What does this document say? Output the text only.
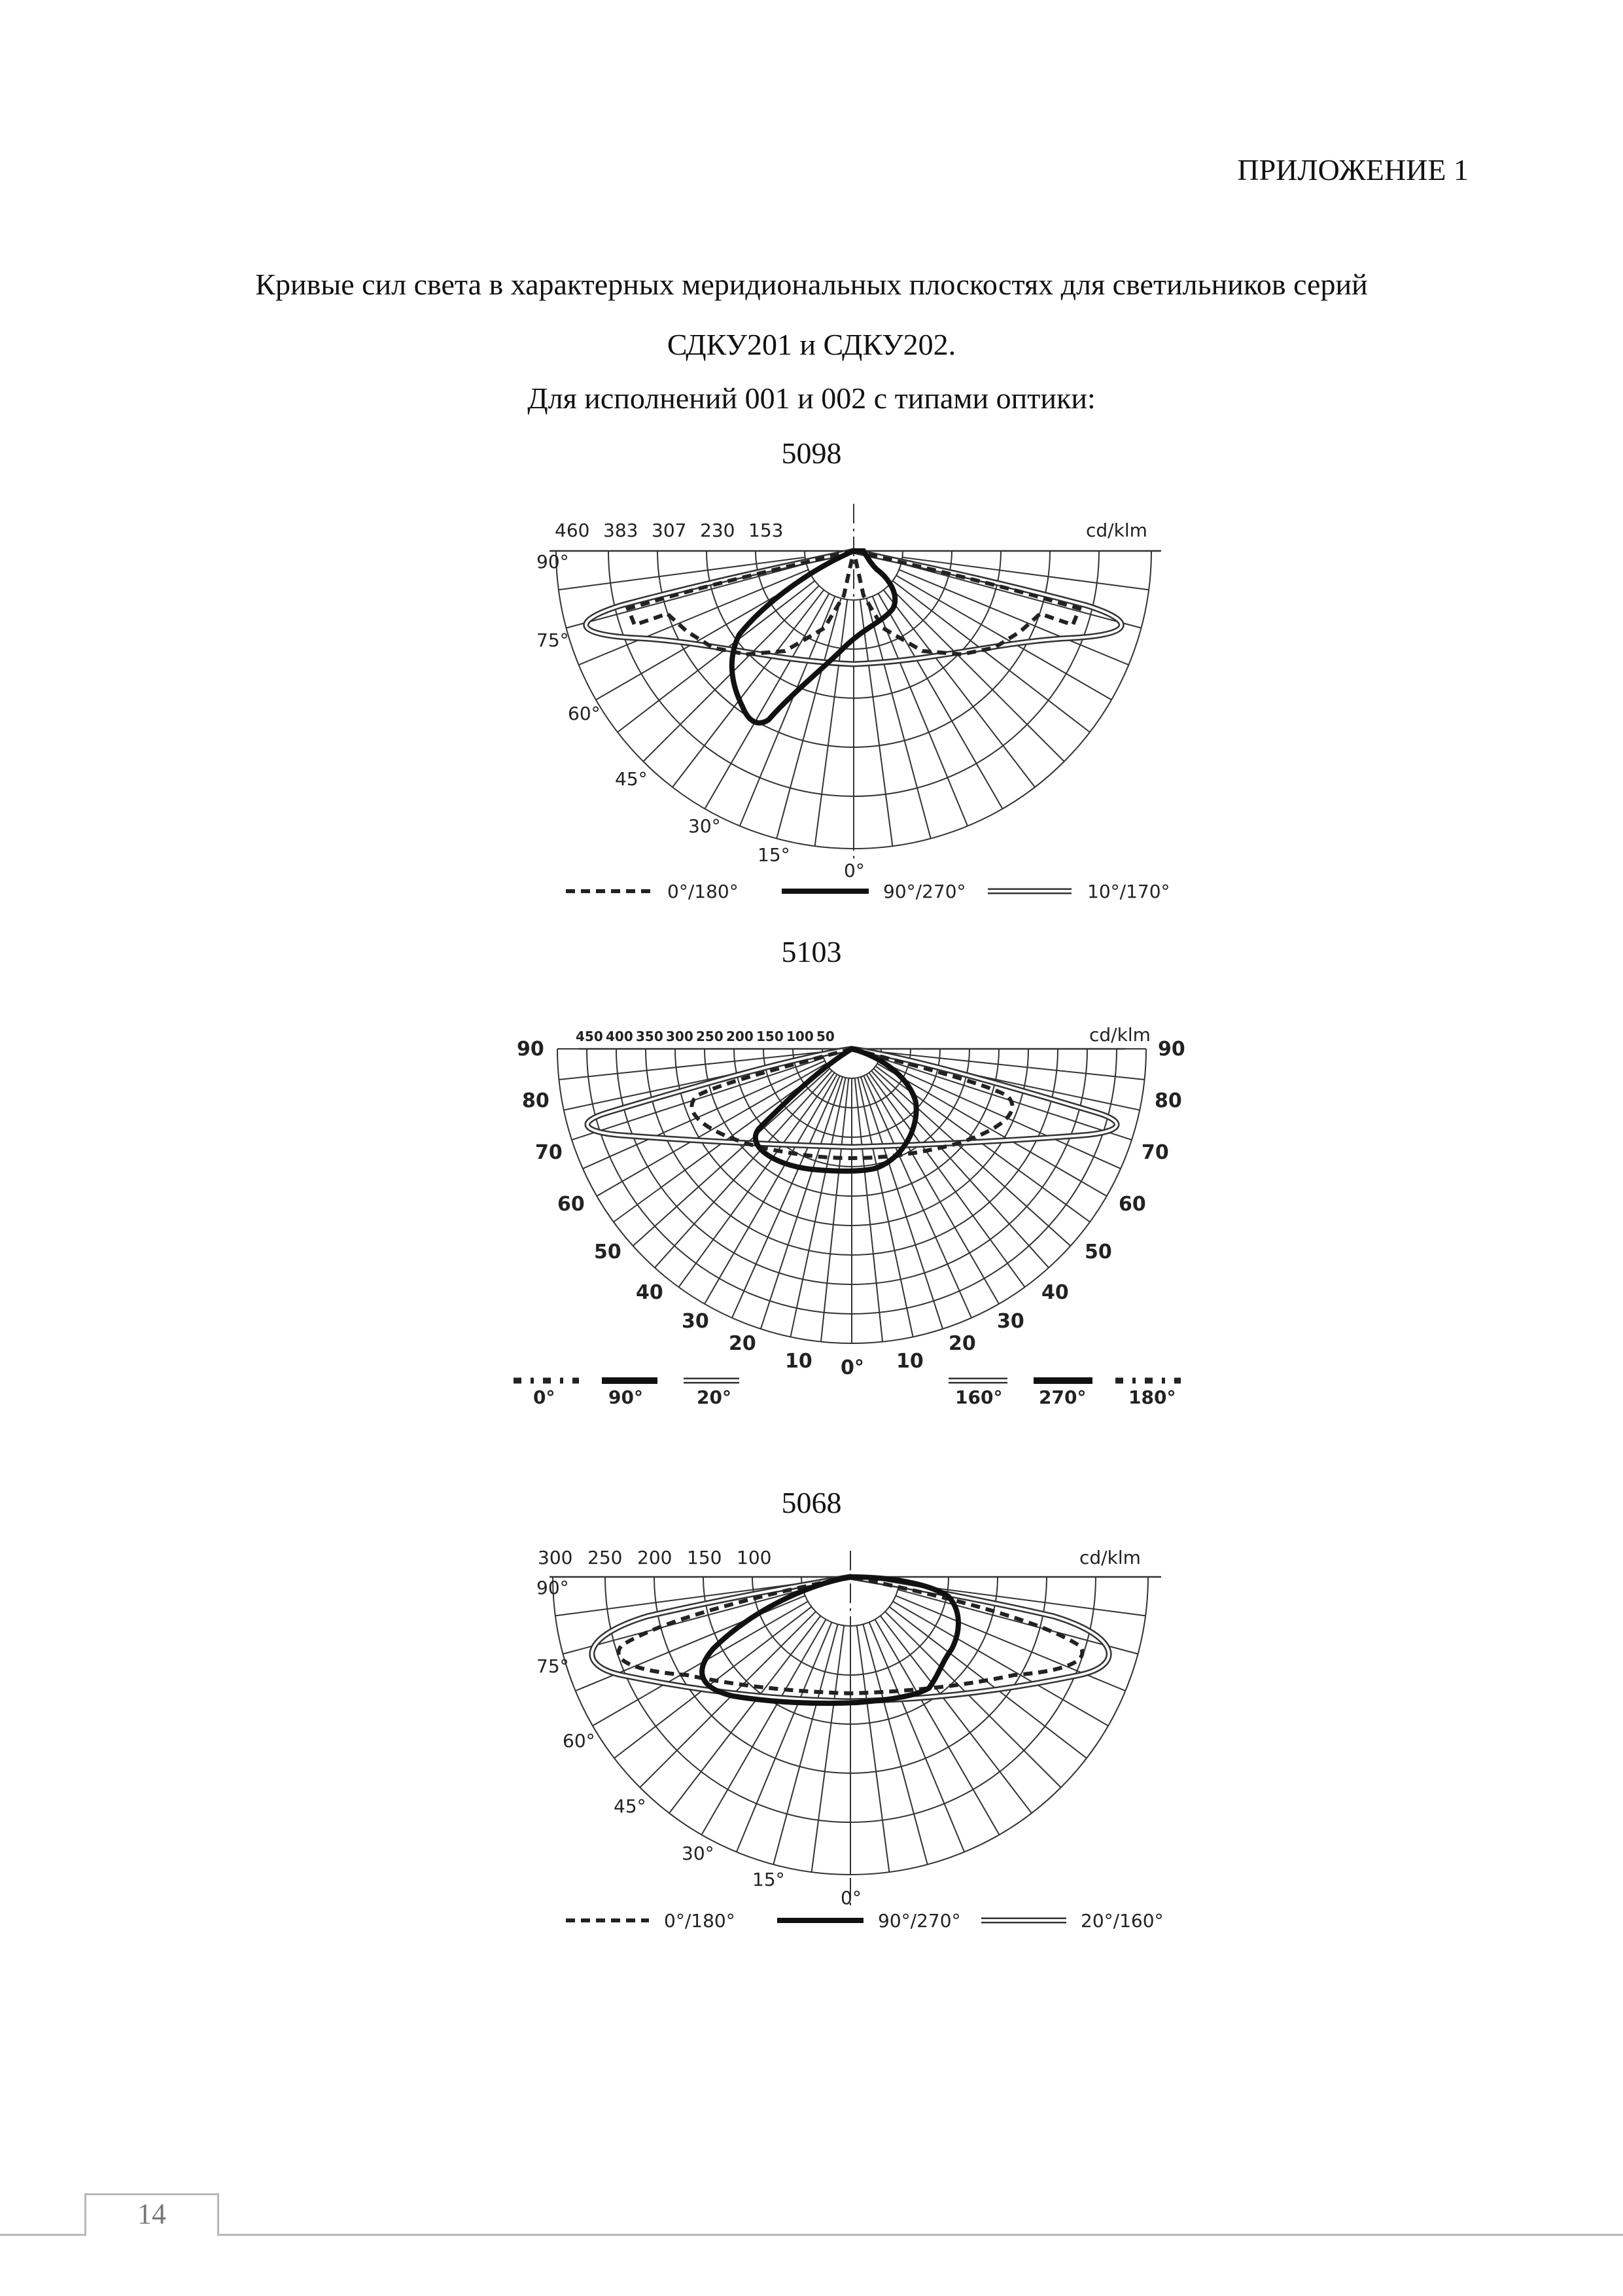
ПРИЛОЖЕНИЕ 1
Кривые сил света в характерных меридиональных плоскостях для светильников серий
СДКУ201 и СДКУ202.
Для исполнений 001 и 002 с типами оптики:
5098
460 383 307 230 153	cd/klm
90°
75°
60°
45°
30°
15°
0°
0°/180°	90°/270°	10°/170°
5103
450 400 350 300 250 200 150 100 50	cd/klm
90
80
70
60
50
40
30
20
10 0°
90
80
70
60
50
40
30
20
10
0°	90°	20°	160° 270° 180°
5068
300 250 200 150 100	cd/klm
90°
75°
60°
45°
30°
15°
0°
0°/180°	90°/270°	20°/160°
14
